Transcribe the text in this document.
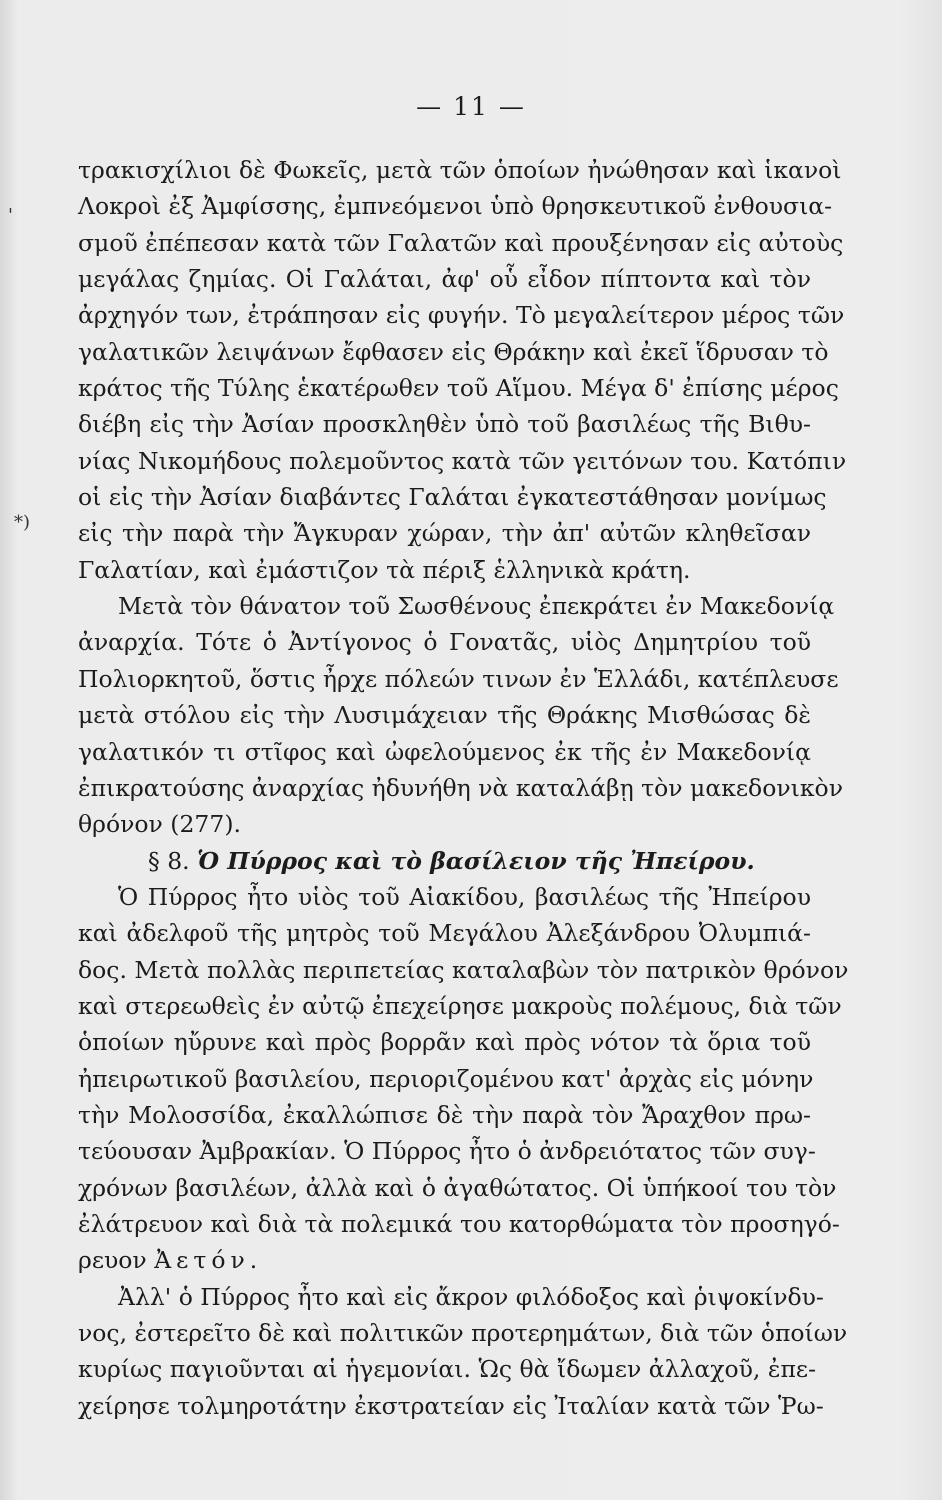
— 11 —
'
*)
τρακισχίλιοι δὲ Φωκεῖς, μετὰ τῶν ὁποίων ἠνώθησαν καὶ ἱκανοὶ
Λοκροὶ ἐξ Ἀμφίσσης, ἐμπνεόμενοι ὑπὸ θρησκευτικοῦ ἐνθουσια-
σμοῦ ἐπέπεσαν κατὰ τῶν Γαλατῶν καὶ προυξένησαν εἰς αὐτοὺς
μεγάλας ζημίας. Οἱ Γαλάται, ἀφ' οὗ εἶδον πίπτοντα καὶ τὸν
ἀρχηγόν των, ἐτράπησαν εἰς φυγήν. Τὸ μεγαλείτερον μέρος τῶν
γαλατικῶν λειψάνων ἔφθασεν εἰς Θράκην καὶ ἐκεῖ ἵδρυσαν τὸ
κράτος τῆς Τύλης ἑκατέρωθεν τοῦ Αἵμου. Μέγα δ' ἐπίσης μέρος
διέβη εἰς τὴν Ἀσίαν προσκληθὲν ὑπὸ τοῦ βασιλέως τῆς Βιθυ-
νίας Νικομήδους πολεμοῦντος κατὰ τῶν γειτόνων του. Κατόπιν
οἱ εἰς τὴν Ἀσίαν διαβάντες Γαλάται ἐγκατεστάθησαν μονίμως
εἰς τὴν παρὰ τὴν Ἄγκυραν χώραν, τὴν ἀπ' αὐτῶν κληθεῖσαν
Γαλατίαν, καὶ ἐμάστιζον τὰ πέριξ ἑλληνικὰ κράτη.
Μετὰ τὸν θάνατον τοῦ Σωσθένους ἐπεκράτει ἐν Μακεδονίᾳ
ἀναρχία. Τότε ὁ Ἀντίγονος ὁ Γονατᾶς, υἱὸς Δημητρίου τοῦ
Πολιορκητοῦ, ὅστις ἦρχε πόλεών τινων ἐν Ἑλλάδι, κατέπλευσε
μετὰ στόλου εἰς τὴν Λυσιμάχειαν τῆς Θράκης Μισθώσας δὲ
γαλατικόν τι στῖφος καὶ ὠφελούμενος ἐκ τῆς ἐν Μακεδονίᾳ
ἐπικρατούσης ἀναρχίας ἠδυνήθη νὰ καταλάβῃ τὸν μακεδονικὸν
θρόνον (277).
§ 8. Ὁ Πύρρος καὶ τὸ βασίλειον τῆς Ἠπείρου.
Ὁ Πύρρος ἦτο υἱὸς τοῦ Αἰακίδου, βασιλέως τῆς Ἠπείρου
καὶ ἀδελφοῦ τῆς μητρὸς τοῦ Μεγάλου Ἀλεξάνδρου Ὀλυμπιά-
δος. Μετὰ πολλὰς περιπετείας καταλαβὼν τὸν πατρικὸν θρόνον
καὶ στερεωθεὶς ἐν αὐτῷ ἐπεχείρησε μακροὺς πολέμους, διὰ τῶν
ὁποίων ηὔρυνε καὶ πρὸς βορρᾶν καὶ πρὸς νότον τὰ ὅρια τοῦ
ἠπειρωτικοῦ βασιλείου, περιοριζομένου κατ' ἀρχὰς εἰς μόνην
τὴν Μολοσσίδα, ἐκαλλώπισε δὲ τὴν παρὰ τὸν Ἄραχθον πρω-
τεύουσαν Ἀμβρακίαν. Ὁ Πύρρος ἦτο ὁ ἀνδρειότατος τῶν συγ-
χρόνων βασιλέων, ἀλλὰ καὶ ὁ ἀγαθώτατος. Οἱ ὑπήκοοί του τὸν
ἐλάτρευον καὶ διὰ τὰ πολεμικά του κατορθώματα τὸν προσηγό-
ρευον Ἀετόν.
Ἀλλ' ὁ Πύρρος ἦτο καὶ εἰς ἄκρον φιλόδοξος καὶ ῥιψοκίνδυ-
νος, ἐστερεῖτο δὲ καὶ πολιτικῶν προτερημάτων, διὰ τῶν ὁποίων
κυρίως παγιοῦνται αἱ ἡγεμονίαι. Ὡς θὰ ἴδωμεν ἀλλαχοῦ, ἐπε-
χείρησε τολμηροτάτην ἐκστρατείαν εἰς Ἰταλίαν κατὰ τῶν Ῥω-
